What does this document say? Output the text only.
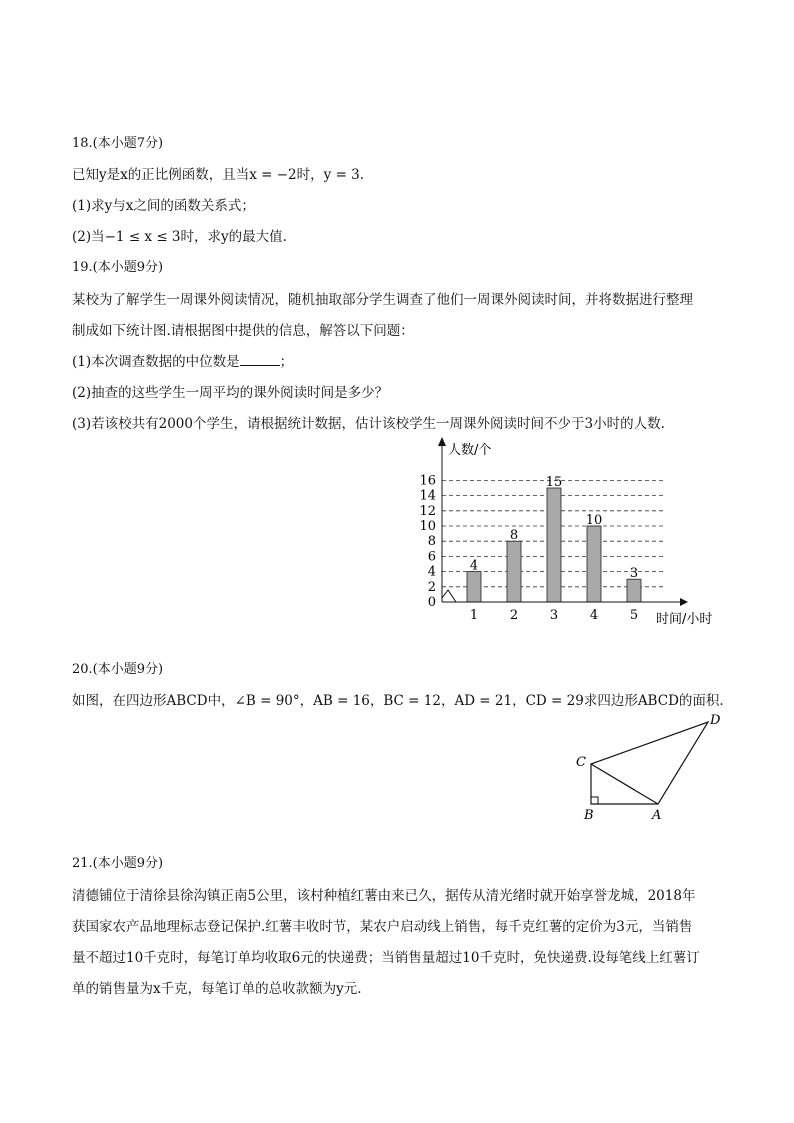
18.(本小题7分)
已知y是x的正比例函数，且当x = −2时，y = 3.
(1)求y与x之间的函数关系式；
(2)当−1 ≤ x ≤ 3时，求y的最大值.
19.(本小题9分)
某校为了解学生一周课外阅读情况，随机抽取部分学生调查了他们一周课外阅读时间，并将数据进行整理
制成如下统计图.请根据图中提供的信息，解答以下问题：
(1)本次调查数据的中位数是	；
(2)抽查的这些学生一周平均的课外阅读时间是多少？
(3)若该校共有2000个学生，请根据统计数据，估计该校学生一周课外阅读时间不少于3小时的人数.
0
2
4
6
8
10
12
14
16
1 2 3 4 5
4
8
15
10
3
人数/个
时间/小时
20.(本小题9分)
如图，在四边形ABCD中，∠B = 90°，AB = 16，BC = 12，AD = 21，CD = 29求四边形ABCD的面积.
C
D
B	A
21.(本小题9分)
清德铺位于清徐县徐沟镇正南5公里，该村种植红薯由来已久，据传从清光绪时就开始享誉龙城，2018年
获国家农产品地理标志登记保护.红薯丰收时节，某农户启动线上销售，每千克红薯的定价为3元，当销售
量不超过10千克时，每笔订单均收取6元的快递费；当销售量超过10千克时，免快递费.设每笔线上红薯订
单的销售量为x千克，每笔订单的总收款额为y元.
